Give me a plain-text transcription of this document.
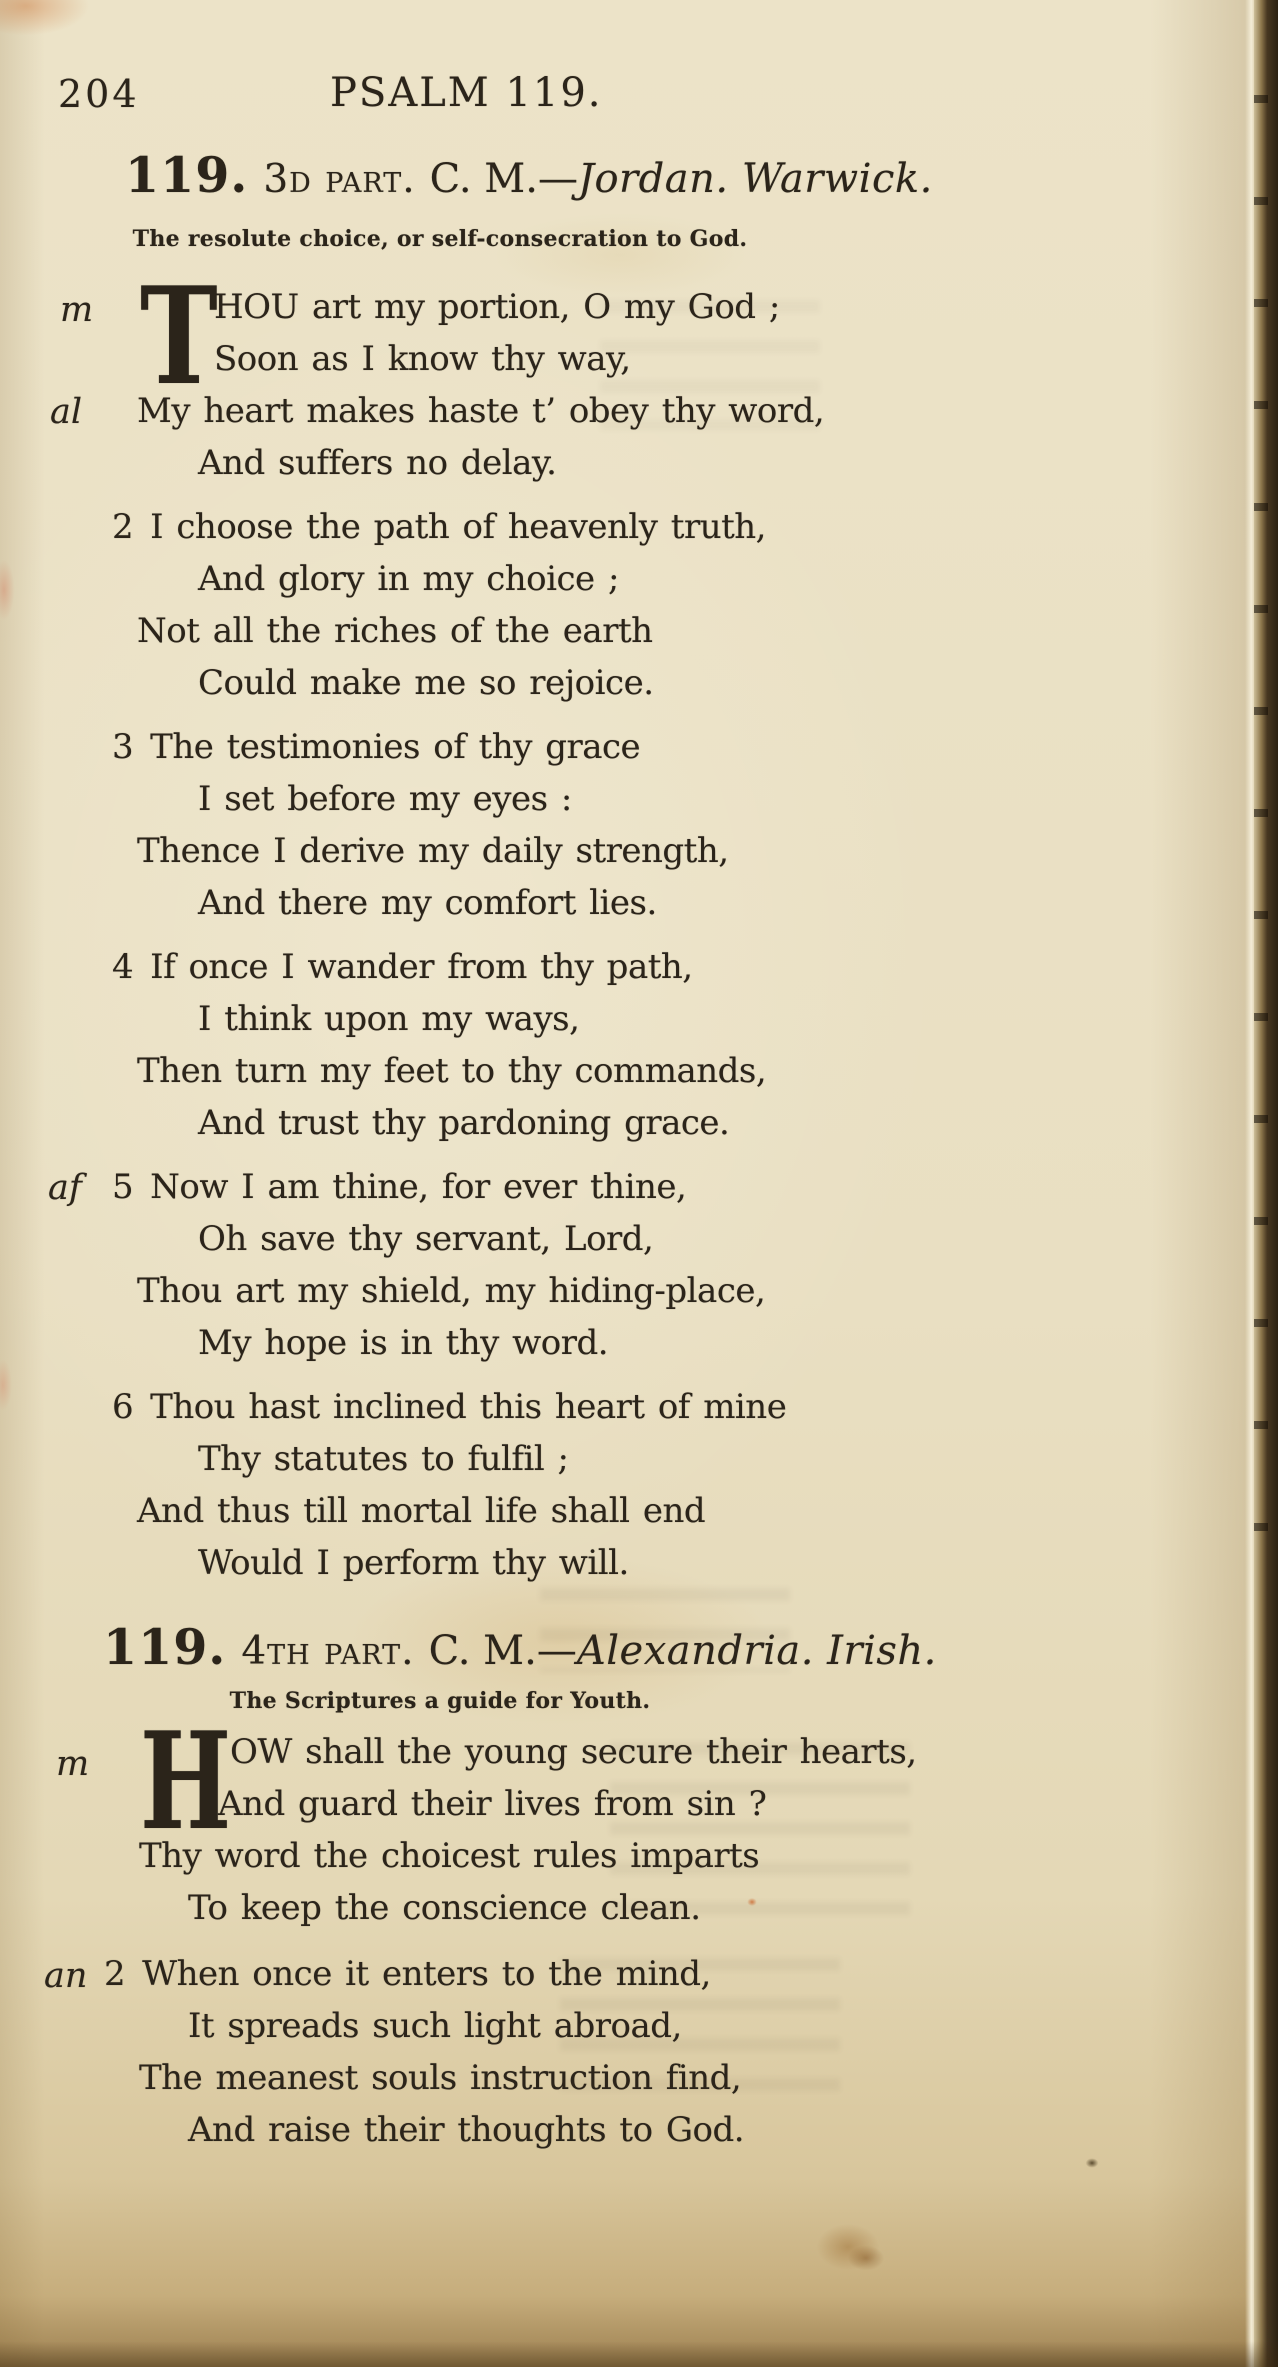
204	PSALM 119.
119. 3d part. C. M.— Jordan. Warwick.
The resolute choice, or self-consecration to God.
T
HOU art my portion, O my God ;
Soon as I know thy way,
My heart makes haste t’ obey thy word,
And suffers no delay.
2 I choose the path of heavenly truth,
And glory in my choice ;
Not all the riches of the earth
Could make me so rejoice.
3 The testimonies of thy grace
I set before my eyes :
Thence I derive my daily strength,
And there my comfort lies.
4 If once I wander from thy path,
I think upon my ways,
Then turn my feet to thy commands,
And trust thy pardoning grace.
5 Now I am thine, for ever thine,
Oh save thy servant, Lord,
Thou art my shield, my hiding-place,
My hope is in thy word.
6 Thou hast inclined this heart of mine
Thy statutes to fulfil ;
And thus till mortal life shall end
Would I perform thy will.
119. 4th part. C. M.— Alexandria. Irish.
The Scriptures a guide for Youth.
H
OW shall the young secure their hearts,
And guard their lives from sin ?
Thy word the choicest rules imparts
To keep the conscience clean.
2 When once it enters to the mind,
It spreads such light abroad,
The meanest souls instruction find,
And raise their thoughts to God.
m
al
af
m
an
